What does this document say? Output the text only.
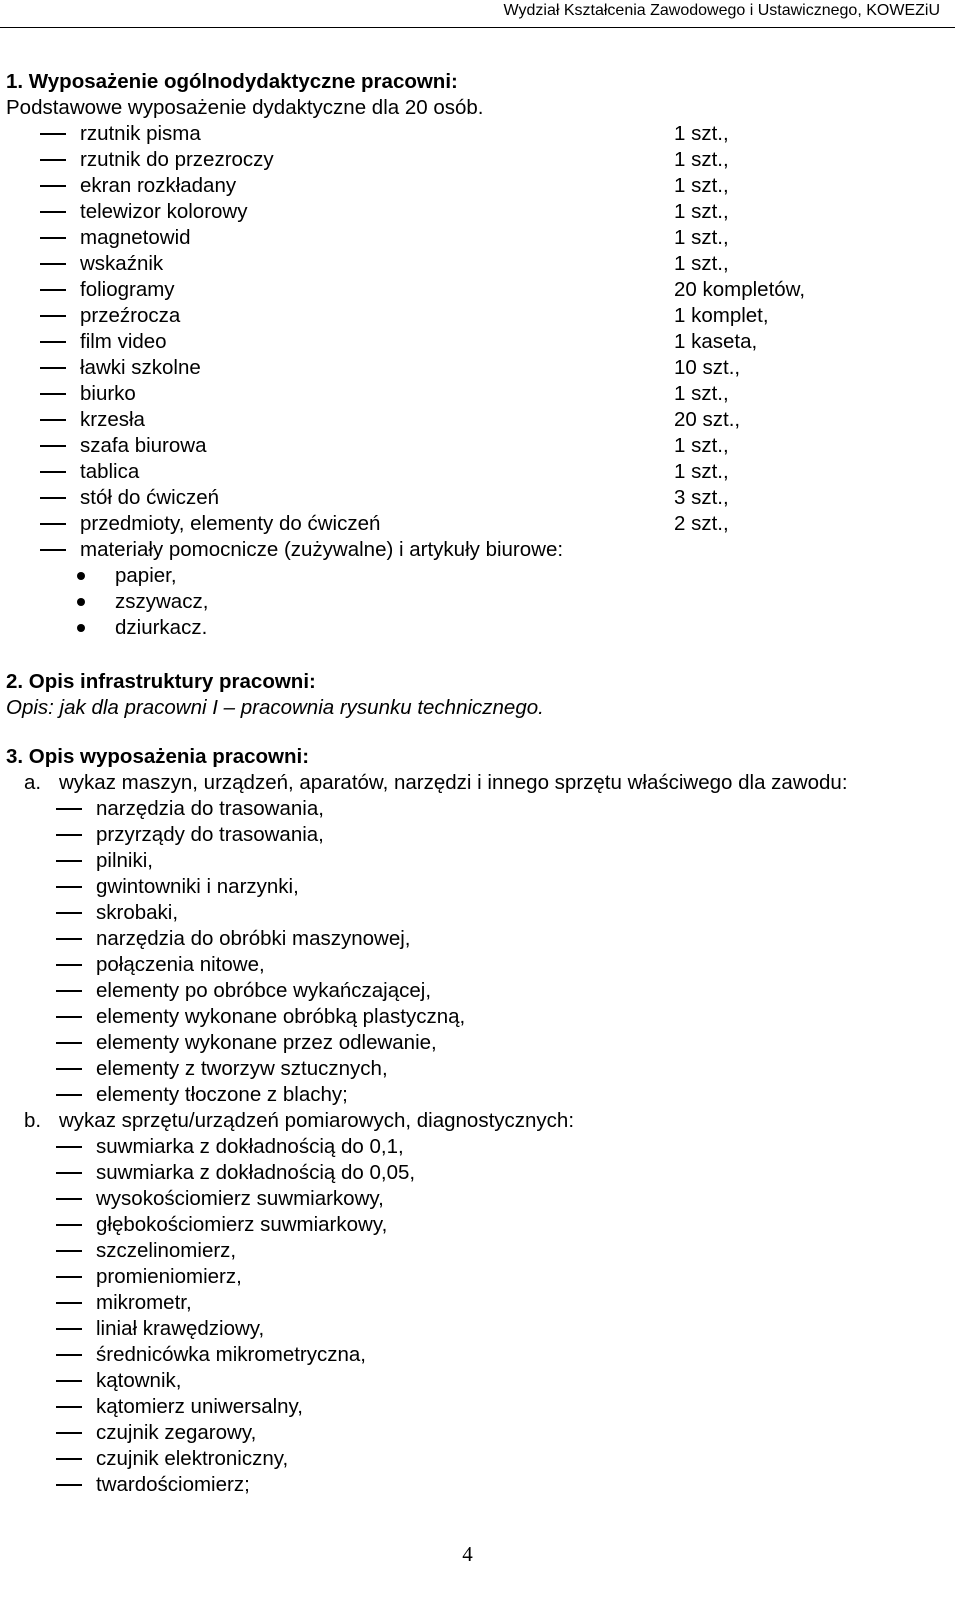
Wydział Kształcenia Zawodowego i Ustawicznego, KOWEZiU
1. Wyposażenie ogólnodydaktyczne pracowni:
Podstawowe wyposażenie dydaktyczne dla 20 osób.
rzutnik pisma	1 szt.,
rzutnik do przezroczy	1 szt.,
ekran rozkładany	1 szt.,
telewizor kolorowy	1 szt.,
magnetowid	1 szt.,
wskaźnik	1 szt.,
foliogramy	20 kompletów,
przeźrocza	1 komplet,
film video	1 kaseta,
ławki szkolne	10 szt.,
biurko	1 szt.,
krzesła	20 szt.,
szafa biurowa	1 szt.,
tablica	1 szt.,
stół do ćwiczeń	3 szt.,
przedmioty, elementy do ćwiczeń	2 szt.,
materiały pomocnicze (zużywalne) i artykuły biurowe:
papier,
zszywacz,
dziurkacz.
2. Opis infrastruktury pracowni:
Opis: jak dla pracowni I – pracownia rysunku technicznego.
3. Opis wyposażenia pracowni:
a. wykaz maszyn, urządzeń, aparatów, narzędzi i innego sprzętu właściwego dla zawodu:
narzędzia do trasowania,
przyrządy do trasowania,
pilniki,
gwintowniki i narzynki,
skrobaki,
narzędzia do obróbki maszynowej,
połączenia nitowe,
elementy po obróbce wykańczającej,
elementy wykonane obróbką plastyczną,
elementy wykonane przez odlewanie,
elementy z tworzyw sztucznych,
elementy tłoczone z blachy;
b. wykaz sprzętu/urządzeń pomiarowych, diagnostycznych:
suwmiarka z dokładnością do 0,1,
suwmiarka z dokładnością do 0,05,
wysokościomierz suwmiarkowy,
głębokościomierz suwmiarkowy,
szczelinomierz,
promieniomierz,
mikrometr,
liniał krawędziowy,
średnicówka mikrometryczna,
kątownik,
kątomierz uniwersalny,
czujnik zegarowy,
czujnik elektroniczny,
twardościomierz;
4
